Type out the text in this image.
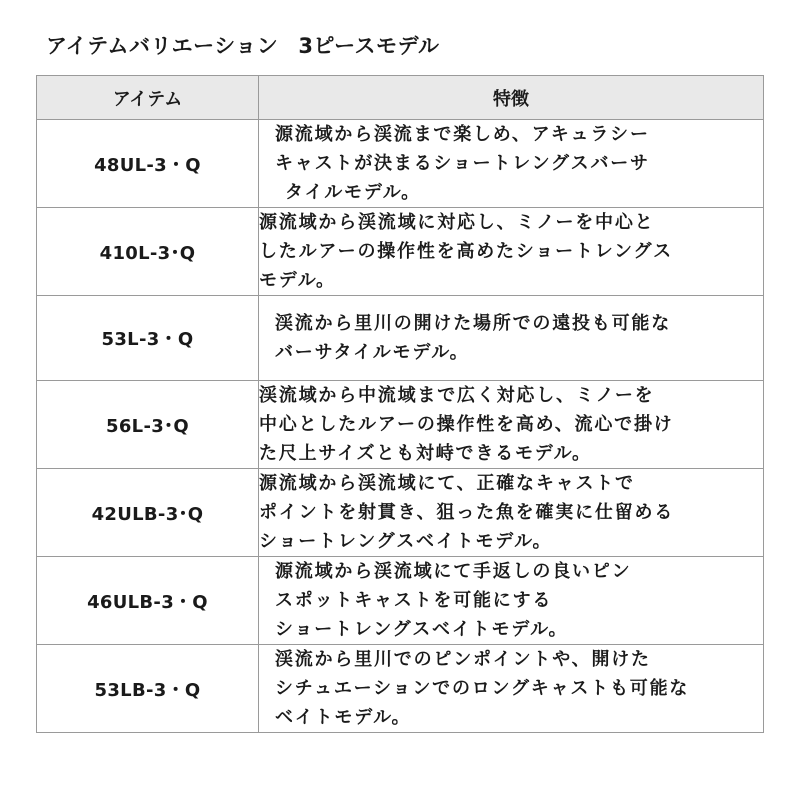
アイテムバリエーション 3ピースモデル
アイテム	特徴
48UL-3・Q	源流域から渓流まで楽しめ、アキュラシー
キャストが決まるショートレングスバーサ
タイルモデル。

410L-3･Q	源流域から渓流域に対応し、ミノーを中心と
したルアーの操作性を高めたショートレングス
モデル。

53L-3・Q	渓流から里川の開けた場所での遠投も可能な
バーサタイルモデル。

56L-3･Q	渓流域から中流域まで広く対応し、ミノーを
中心としたルアーの操作性を高め、流心で掛け
た尺上サイズとも対峙できるモデル。

42ULB-3･Q	源流域から渓流域にて、正確なキャストで
ポイントを射貫き、狙った魚を確実に仕留める
ショートレングスベイトモデル。

46ULB-3・Q	源流域から渓流域にて手返しの良いピン
スポットキャストを可能にする
ショートレングスベイトモデル。

53LB-3・Q	渓流から里川でのピンポイントや、開けた
シチュエーションでのロングキャストも可能な
ベイトモデル。
